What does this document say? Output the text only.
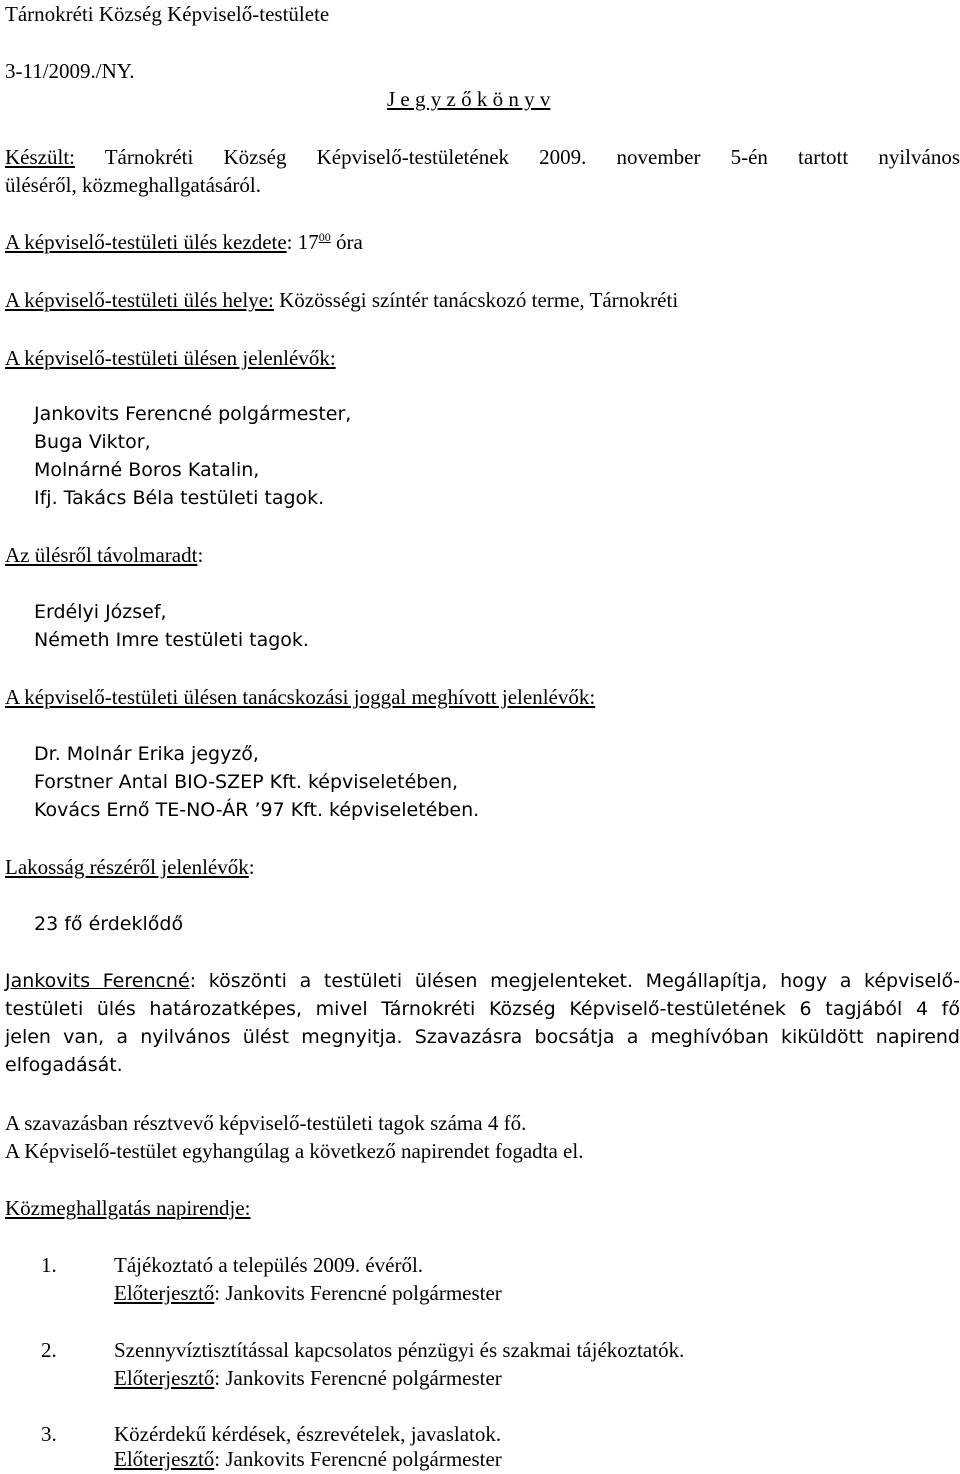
Tárnokréti Község Képviselő-testülete
3-11/2009./NY.
J e g y z ő k ö n y v
Készült: Tárnokréti Község Képviselő-testületének 2009. november 5-én tartott nyilvános
üléséről, közmeghallgatásáról.
A képviselő-testületi ülés kezdete: $17^{00}$ óra
A képviselő-testületi ülés helye: Közösségi színtér tanácskozó terme, Tárnokréti
A képviselő-testületi ülésen jelenlévők:
Jankovits Ferencné polgármester,
Buga Viktor,
Molnárné Boros Katalin,
Ifj. Takács Béla testületi tagok.
Az ülésről távolmaradt:
Erdélyi József,
Németh Imre testületi tagok.
A képviselő-testületi ülésen tanácskozási joggal meghívott jelenlévők:
Dr. Molnár Erika jegyző,
Forstner Antal BIO-SZEP Kft. képviseletében,
Kovács Ernő TE-NO-ÁR ’97 Kft. képviseletében.
Lakosság részéről jelenlévők:
23 fő érdeklődő
Jankovits Ferencné: köszönti a testületi ülésen megjelenteket. Megállapítja, hogy a képviselő-
testületi ülés határozatképes, mivel Tárnokréti Község Képviselő-testületének 6 tagjából 4 fő
jelen van, a nyilvános ülést megnyitja. Szavazásra bocsátja a meghívóban kiküldött napirend
elfogadását.
A szavazásban résztvevő képviselő-testületi tagok száma 4 fő.
A Képviselő-testület egyhangúlag a következő napirendet fogadta el.
Közmeghallgatás napirendje:
1.	Tájékoztató a település 2009. évéről.
Előterjesztő: Jankovits Ferencné polgármester
2.	Szennyvíztisztítással kapcsolatos pénzügyi és szakmai tájékoztatók.
Előterjesztő: Jankovits Ferencné polgármester
3.	Közérdekű kérdések, észrevételek, javaslatok.
Előterjesztő: Jankovits Ferencné polgármester
